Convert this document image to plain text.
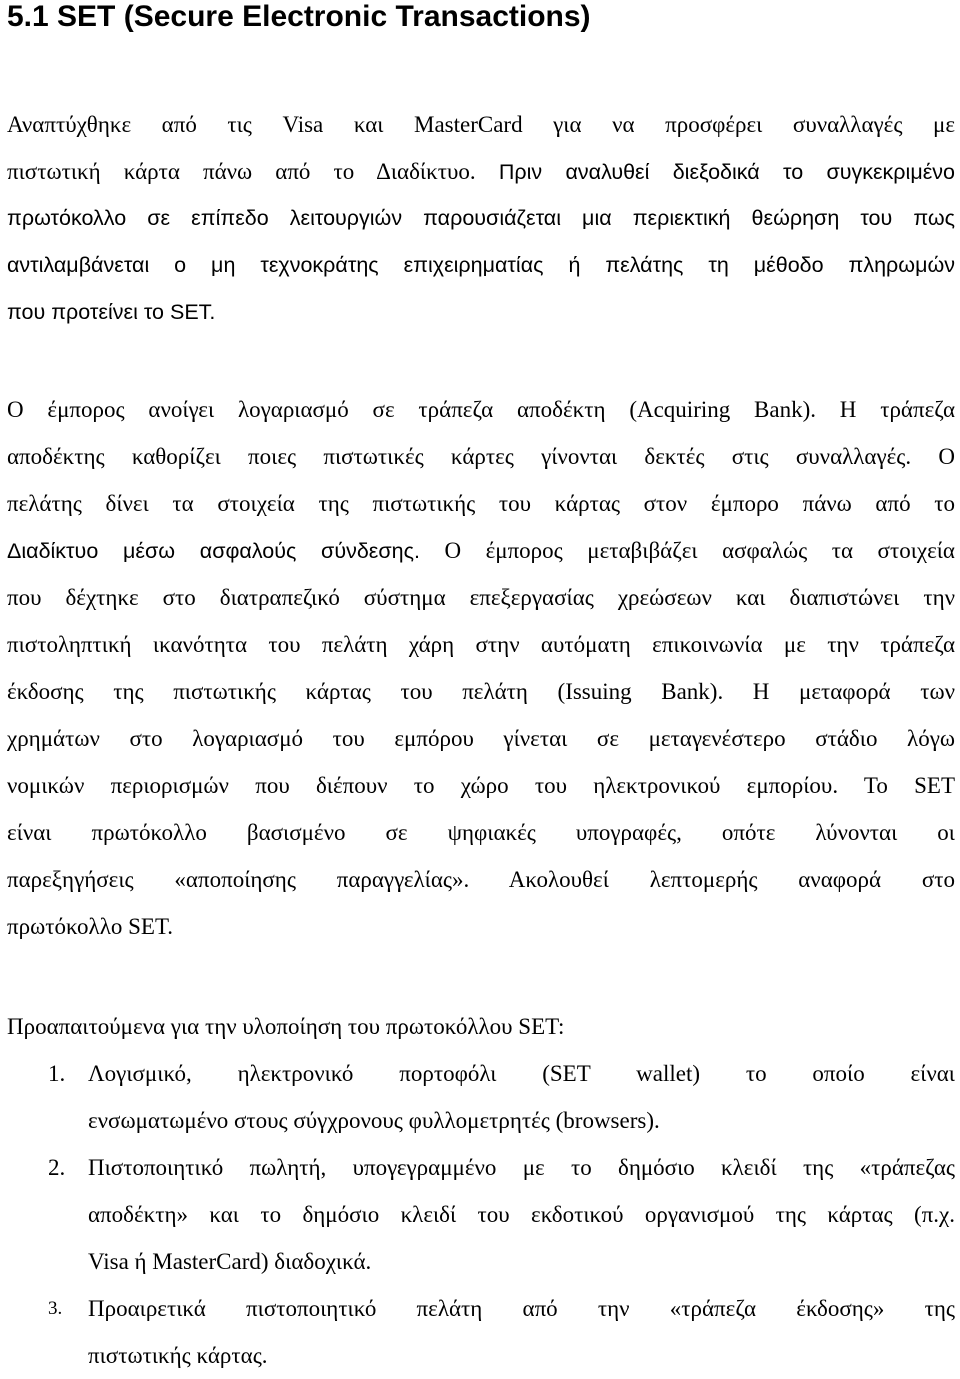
5.1 SET (Secure Electronic Transactions)
Αναπτύχθηκε από τις Visa και MasterCard για να προσφέρει συναλλαγές με
πιστωτική κάρτα πάνω από το Διαδίκτυο. Πριν αναλυθεί διεξοδικά το συγκεκριμένο
πρωτόκολλο σε επίπεδο λειτουργιών παρουσιάζεται μια περιεκτική θεώρηση του πως
αντιλαμβάνεται ο μη τεχνοκράτης επιχειρηματίας ή πελάτης τη μέθοδο πληρωμών
που προτείνει το SET.
Ο έμπορος ανοίγει λογαριασμό σε τράπεζα αποδέκτη (Acquiring Bank). Η τράπεζα
αποδέκτης καθορίζει ποιες πιστωτικές κάρτες γίνονται δεκτές στις συναλλαγές. Ο
πελάτης δίνει τα στοιχεία της πιστωτικής του κάρτας στον έμπορο πάνω από το
Διαδίκτυο μέσω ασφαλούς σύνδεσης. Ο έμπορος μεταβιβάζει ασφαλώς τα στοιχεία
που δέχτηκε στο διατραπεζικό σύστημα επεξεργασίας χρεώσεων και διαπιστώνει την
πιστοληπτική ικανότητα του πελάτη χάρη στην αυτόματη επικοινωνία με την τράπεζα
έκδοσης της πιστωτικής κάρτας του πελάτη (Issuing Bank). Η μεταφορά των
χρημάτων στο λογαριασμό του εμπόρου γίνεται σε μεταγενέστερο στάδιο λόγω
νομικών περιορισμών που διέπουν το χώρο του ηλεκτρονικού εμπορίου. Το SET
είναι πρωτόκολλο βασισμένο σε ψηφιακές υπογραφές, οπότε λύνονται οι
παρεξηγήσεις «αποποίησης παραγγελίας». Ακολουθεί λεπτομερής αναφορά στο
πρωτόκολλο SET.
Προαπαιτούμενα για την υλοποίηση του πρωτοκόλλου SET:
1. Λογισμικό, ηλεκτρονικό πορτοφόλι (SET wallet) το οποίο είναι
ενσωματωμένο στους σύγχρονους φυλλομετρητές (browsers).
2. Πιστοποιητικό πωλητή, υπογεγραμμένο με το δημόσιο κλειδί της «τράπεζας
αποδέκτη» και το δημόσιο κλειδί του εκδοτικού οργανισμού της κάρτας (π.χ.
Visa ή MasterCard) διαδοχικά.
3. Προαιρετικά πιστοποιητικό πελάτη από την «τράπεζα έκδοσης» της
πιστωτικής κάρτας.
